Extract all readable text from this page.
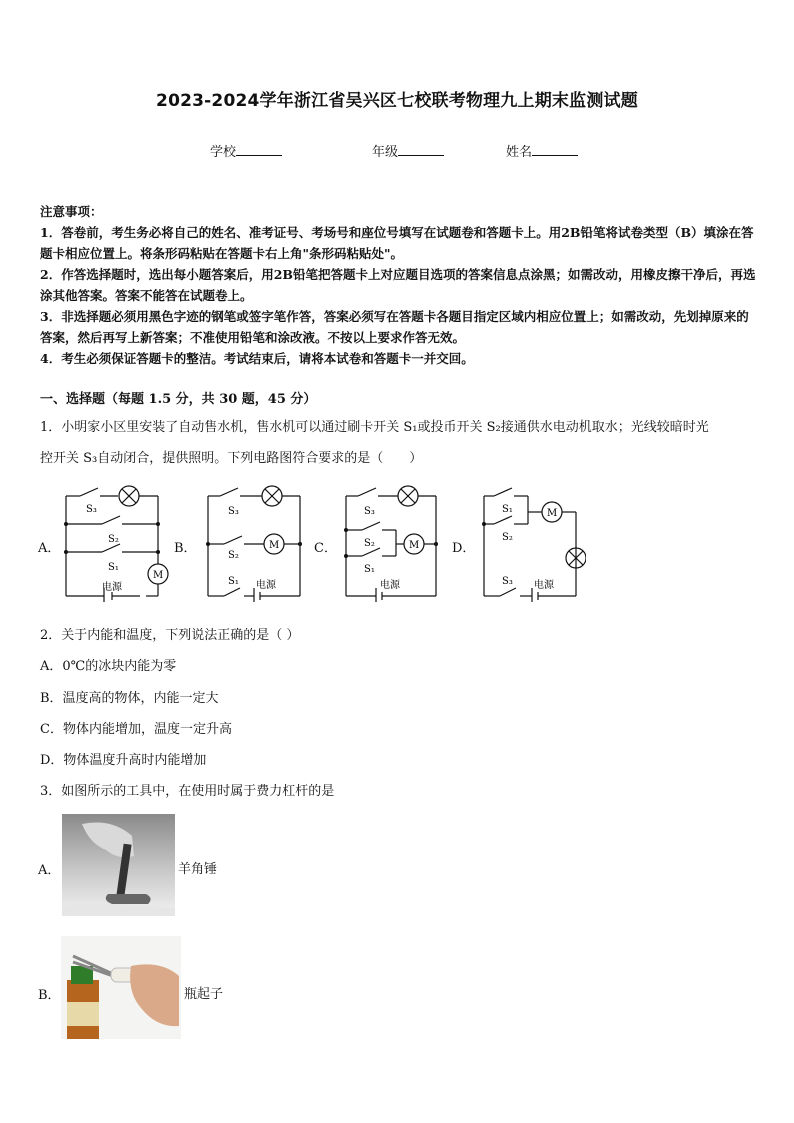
2023-2024学年浙江省吴兴区七校联考物理九上期末监测试题
学校	年级	姓名

注意事项：

1．答卷前，考生务必将自己的姓名、准考证号、考场号和座位号填写在试题卷和答题卡上。用2B铅笔将试卷类型（B）填涂在答题卡相应位置上。将条形码粘贴在答题卡右上角"条形码粘贴处"。

2．作答选择题时，选出每小题答案后，用2B铅笔把答题卡上对应题目选项的答案信息点涂黑；如需改动，用橡皮擦干净后，再选涂其他答案。答案不能答在试题卷上。

3．非选择题必须用黑色字迹的钢笔或签字笔作答，答案必须写在答题卡各题目指定区域内相应位置上；如需改动，先划掉原来的答案，然后再写上新答案；不准使用铅笔和涂改液。不按以上要求作答无效。

4．考生必须保证答题卡的整洁。考试结束后，请将本试卷和答题卡一并交回。

一、选择题（每题 1.5 分，共 30 题，45 分）
1．小明家小区里安装了自动售水机，售水机可以通过刷卡开关 S₁或投币开关 S₂接通供水电动机取水；光线较暗时光
控开关 S₃自动闭合，提供照明。下列电路图符合要求的是（　　）
A．	B．	C．	D．
S₃
S₂
S₁
M
电源
S₃
S₂
M
S₁ 电源
S₃
S₂
S₁
M
电源
S₁
S₂
M
S₃ 电源
2．关于内能和温度，下列说法正确的是（ ）
A．0℃的冰块内能为零
B．温度高的物体，内能一定大
C．物体内能增加，温度一定升高
D．物体温度升高时内能增加
3．如图所示的工具中，在使用时属于费力杠杆的是
A．	羊角锤
B．	瓶起子
